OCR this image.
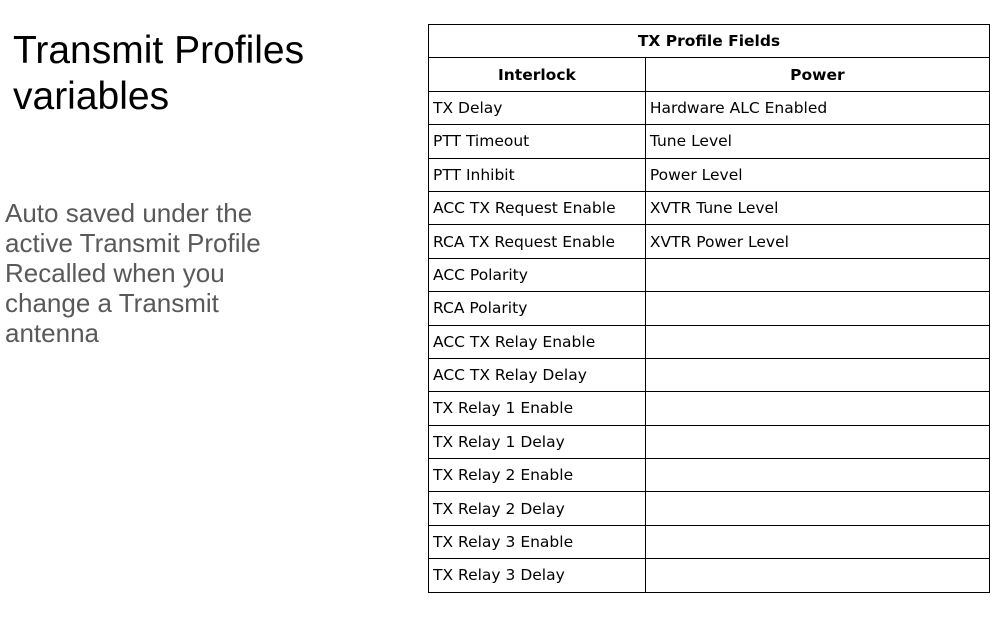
Transmit Profiles
variables
Auto saved under the
active Transmit Profile
Recalled when you
change a Transmit
antenna
TX Profile Fields	
Interlock	Power
TX Delay	Hardware ALC Enabled
PTT Timeout	Tune Level
PTT Inhibit	Power Level
ACC TX Request Enable	XVTR Tune Level
RCA TX Request Enable	XVTR Power Level
ACC Polarity	
RCA Polarity	
ACC TX Relay Enable	
ACC TX Relay Delay	
TX Relay 1 Enable	
TX Relay 1 Delay	
TX Relay 2 Enable	
TX Relay 2 Delay	
TX Relay 3 Enable	
TX Relay 3 Delay	
